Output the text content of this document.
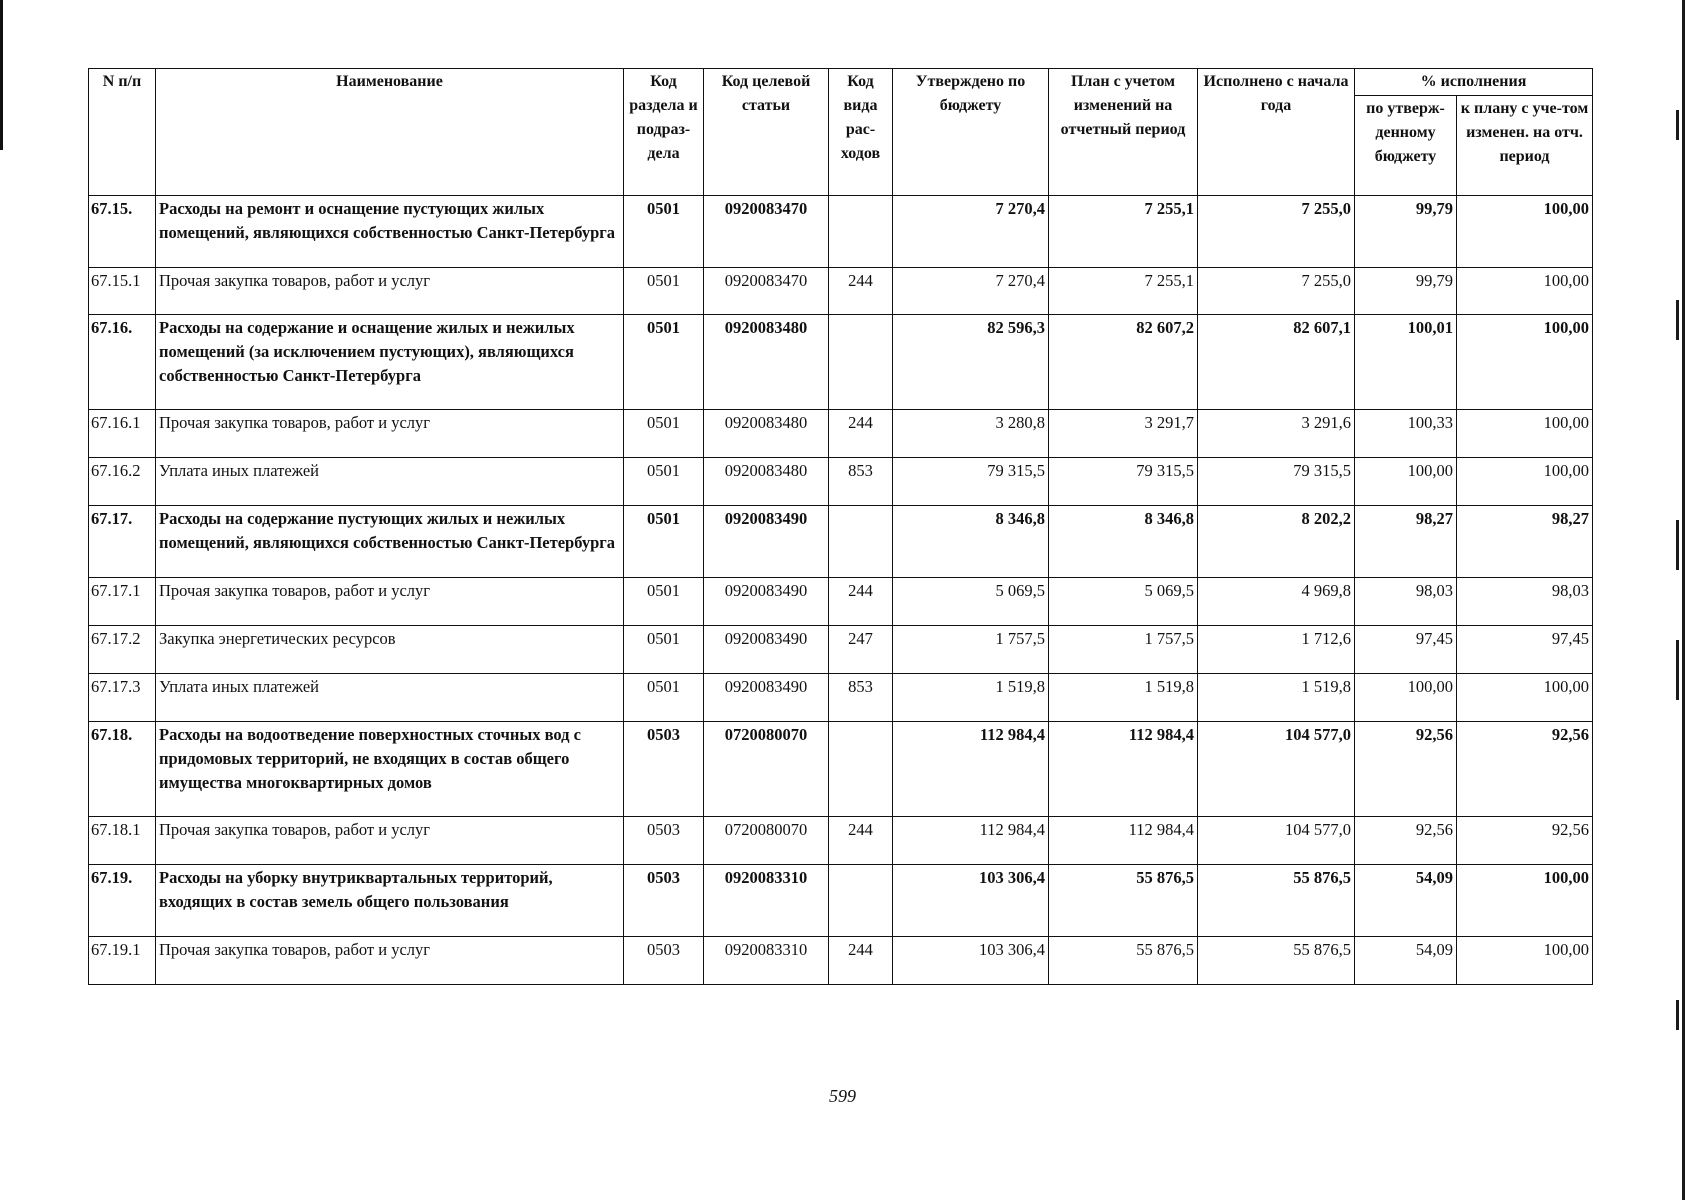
N п/п	Наименование	Код раздела и подраз-дела	Код целевой статьи	Код вида рас-ходов	Утверждено по бюджету	План с учетом изменений на отчетный период	Исполнено с начала года	% исполнения	
								по утверж-денному бюджету	к плану с уче-том изменен. на отч. период
67.15.	Расходы на ремонт и оснащение пустующих жилых помещений, являющихся собственностью Санкт-Петербурга	0501	0920083470		7 270,4	7 255,1	7 255,0	99,79	100,00
67.15.1	Прочая закупка товаров, работ и услуг	0501	0920083470	244	7 270,4	7 255,1	7 255,0	99,79	100,00
67.16.	Расходы на содержание и оснащение жилых и нежилых помещений (за исключением пустующих), являющихся собственностью Санкт-Петербурга	0501	0920083480		82 596,3	82 607,2	82 607,1	100,01	100,00
67.16.1	Прочая закупка товаров, работ и услуг	0501	0920083480	244	3 280,8	3 291,7	3 291,6	100,33	100,00
67.16.2	Уплата иных платежей	0501	0920083480	853	79 315,5	79 315,5	79 315,5	100,00	100,00
67.17.	Расходы на содержание пустующих жилых и нежилых помещений, являющихся собственностью Санкт-Петербурга	0501	0920083490		8 346,8	8 346,8	8 202,2	98,27	98,27
67.17.1	Прочая закупка товаров, работ и услуг	0501	0920083490	244	5 069,5	5 069,5	4 969,8	98,03	98,03
67.17.2	Закупка энергетических ресурсов	0501	0920083490	247	1 757,5	1 757,5	1 712,6	97,45	97,45
67.17.3	Уплата иных платежей	0501	0920083490	853	1 519,8	1 519,8	1 519,8	100,00	100,00
67.18.	Расходы на водоотведение поверхностных сточных вод с придомовых территорий, не входящих в состав общего имущества многоквартирных домов	0503	0720080070		112 984,4	112 984,4	104 577,0	92,56	92,56
67.18.1	Прочая закупка товаров, работ и услуг	0503	0720080070	244	112 984,4	112 984,4	104 577,0	92,56	92,56
67.19.	Расходы на уборку внутриквартальных территорий, входящих в состав земель общего пользования	0503	0920083310		103 306,4	55 876,5	55 876,5	54,09	100,00
67.19.1	Прочая закупка товаров, работ и услуг	0503	0920083310	244	103 306,4	55 876,5	55 876,5	54,09	100,00
599
